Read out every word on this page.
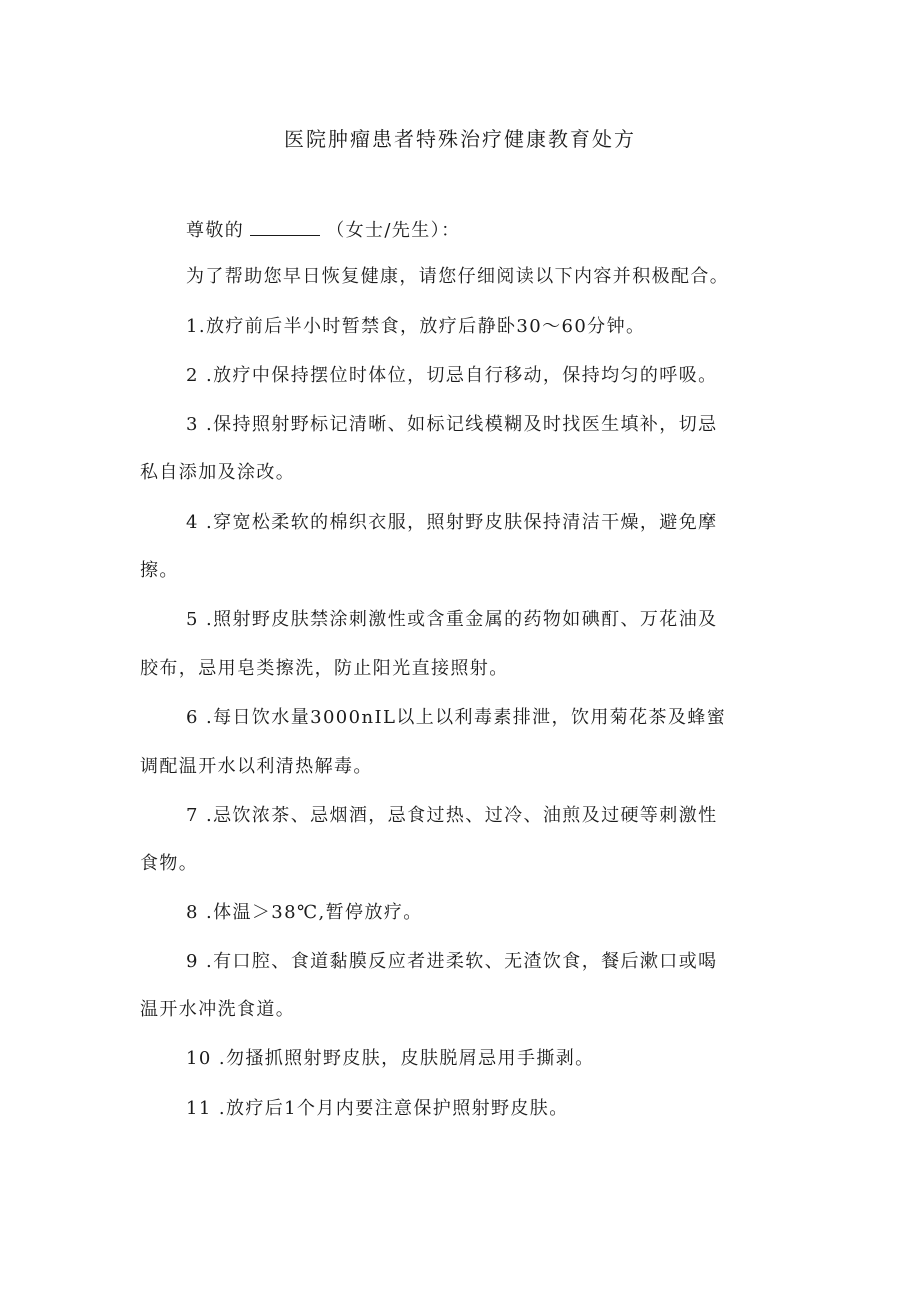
医院肿瘤患者特殊治疗健康教育处方
尊敬的	（女士/先生）：
为了帮助您早日恢复健康，请您仔细阅读以下内容并积极配合。
1.放疗前后半小时暂禁食，放疗后静卧30～60分钟。
2 .放疗中保持摆位时体位，切忌自行移动，保持均匀的呼吸。
3 .保持照射野标记清晰、如标记线模糊及时找医生填补，切忌
私自添加及涂改。
4 .穿宽松柔软的棉织衣服，照射野皮肤保持清洁干燥，避免摩
擦。
5 .照射野皮肤禁涂刺激性或含重金属的药物如碘酊、万花油及
胶布，忌用皂类擦洗，防止阳光直接照射。
6 .每日饮水量3000nIL以上以利毒素排泄，饮用菊花茶及蜂蜜
调配温开水以利清热解毒。
7 .忌饮浓茶、忌烟酒，忌食过热、过冷、油煎及过硬等刺激性
食物。
8 .体温＞38℃,暂停放疗。
9 .有口腔、食道黏膜反应者进柔软、无渣饮食，餐后漱口或喝
温开水冲洗食道。
10 .勿搔抓照射野皮肤，皮肤脱屑忌用手撕剥。
11 .放疗后1个月内要注意保护照射野皮肤。
